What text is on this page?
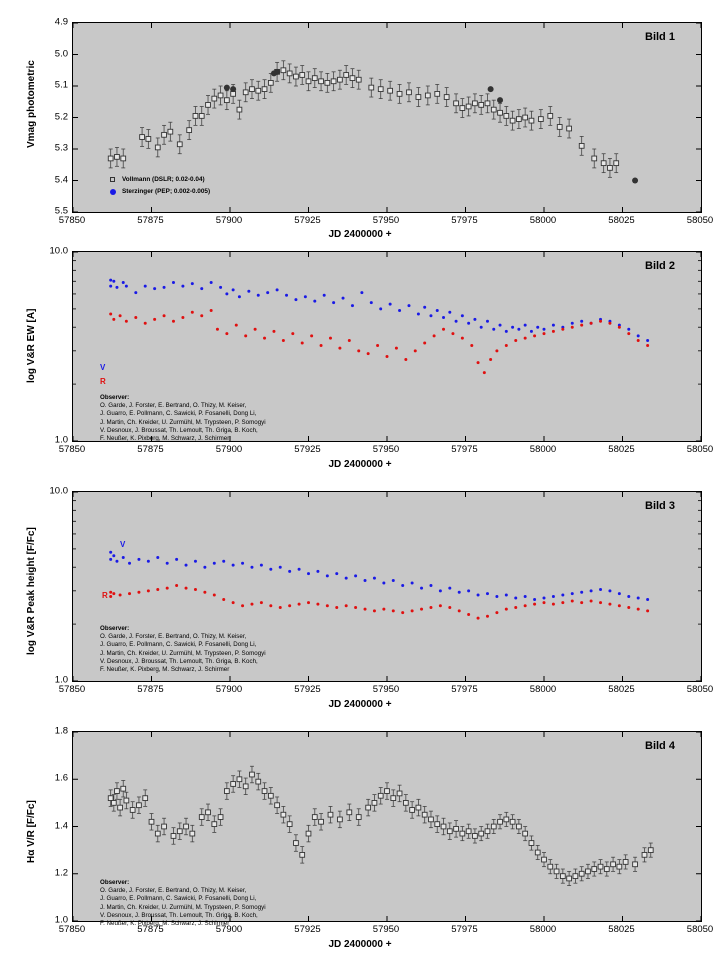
Vmag photometric
Bild 1
JD 2400000 +
57850	57875	57900	57925	57950	57975	58000	58025	58050
4.9
5.0
5.1
5.2
5.3
5.4
5.5
Vollmann (DSLR; 0.02-0.04)
Sterzinger (PEP; 0.002-0.005)
log V&R EW [A]
Bild 2
JD 2400000 +
57850	57875	57900	57925	57950	57975	58000	58025	58050
1.0
10.0
Observer:
O. Garde, J. Forster, E. Bertrand, O. Thizy, M. Keiser,
J. Guarro, E. Pollmann, C. Sawicki, P. Fosanelli, Dong Li,
J. Martin, Ch. Kreider, U. Zurmühl, M. Trypsteen, P. Somogyi
V. Desnoux, J. Broussat, Th. Lemoult, Th. Griga, B. Koch,
F. Neußer, K. Pixberg, M. Schwarz, J. Schirmer
V
R
log V&R Peak height [F/Fc]
Bild 3
JD 2400000 +
57850	57875	57900	57925	57950	57975	58000	58025	58050
1.0
10.0
Observer:
O. Garde, J. Forster, E. Bertrand, O. Thizy, M. Keiser,
J. Guarro, E. Pollmann, C. Sawicki, P. Fosanelli, Dong Li,
J. Martin, Ch. Kreider, U. Zurmühl, M. Trypsteen, P. Somogyi
V. Desnoux, J. Broussat, Th. Lemoult, Th. Griga, B. Koch,
F. Neußer, K. Pixberg, M. Schwarz, J. Schirmer
V
R
Hα V/R [F/Fc]
Bild 4
JD 2400000 +
57850	57875	57900	57925	57950	57975	58000	58025	58050
1.0
1.2
1.4
1.6
1.8
Observer:
O. Garde, J. Forster, E. Bertrand, O. Thizy, M. Keiser,
J. Guarro, E. Pollmann, C. Sawicki, P. Fosanelli, Dong Li,
J. Martin, Ch. Kreider, U. Zurmühl, M. Trypsteen, P. Somogyi
V. Desnoux, J. Broussat, Th. Lemoult, Th. Griga, B. Koch,
F. Neußer, K. Pixberg, M. Schwarz, J. Schirmer
